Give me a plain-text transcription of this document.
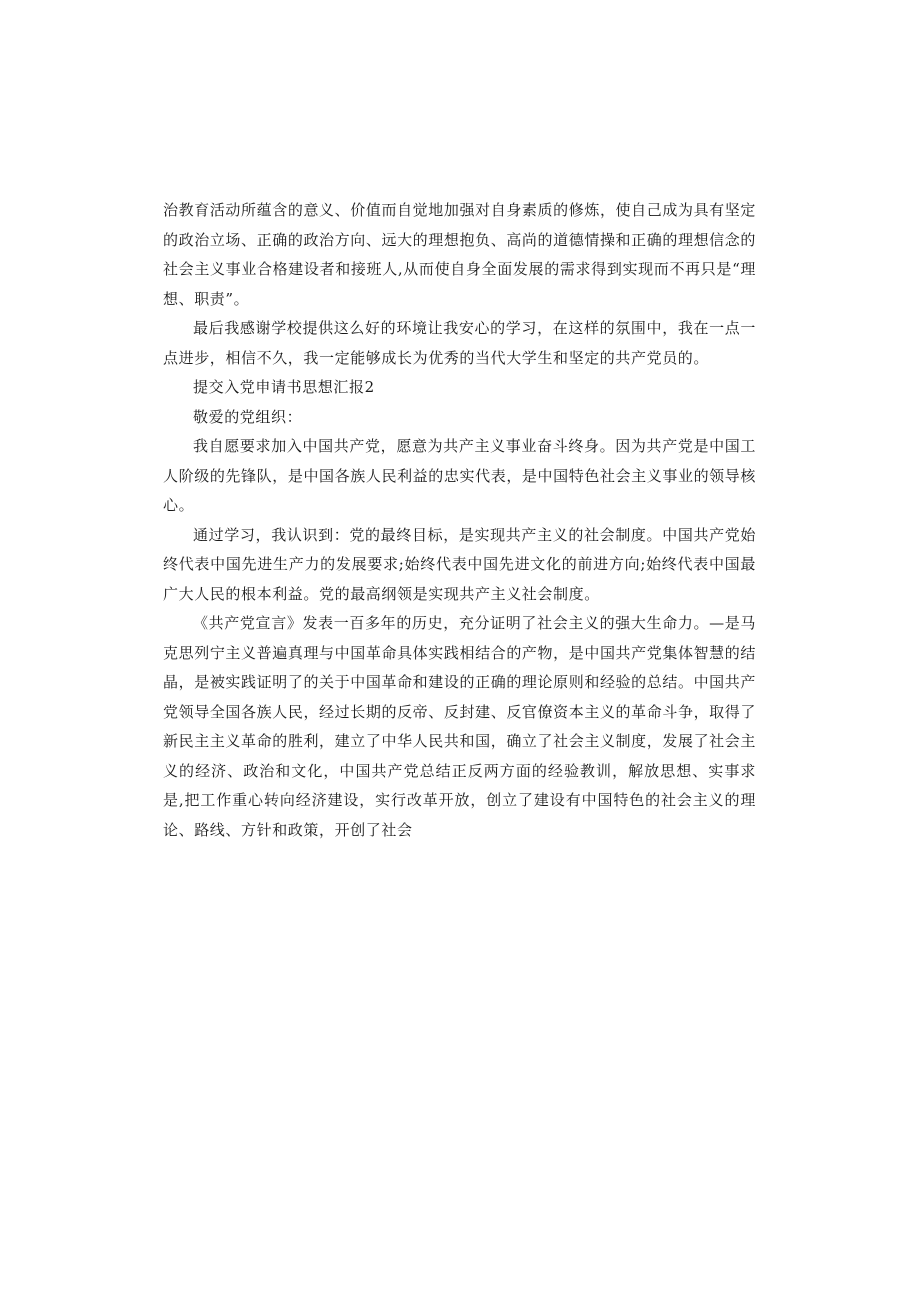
治教育活动所蕴含的意义、价值而自觉地加强对自身素质的修炼，使自己成为具有坚定的政治立场、正确的政治方向、远大的理想抱负、高尚的道德情操和正确的理想信念的社会主义事业合格建设者和接班人,从而使自身全面发展的需求得到实现而不再只是“理想、职责”。

最后我感谢学校提供这么好的环境让我安心的学习，在这样的氛围中，我在一点一点进步，相信不久，我一定能够成长为优秀的当代大学生和坚定的共产党员的。

提交入党申请书思想汇报2

敬爱的党组织：

我自愿要求加入中国共产党，愿意为共产主义事业奋斗终身。因为共产党是中国工人阶级的先锋队，是中国各族人民利益的忠实代表，是中国特色社会主义事业的领导核心。

通过学习，我认识到：党的最终目标，是实现共产主义的社会制度。中国共产党始终代表中国先进生产力的发展要求;始终代表中国先进文化的前进方向;始终代表中国最广大人民的根本利益。党的最高纲领是实现共产主义社会制度。

《共产党宣言》发表一百多年的历史，充分证明了社会主义的强大生命力。—是马克思列宁主义普遍真理与中国革命具体实践相结合的产物，是中国共产党集体智慧的结晶，是被实践证明了的关于中国革命和建设的正确的理论原则和经验的总结。中国共产党领导全国各族人民，经过长期的反帝、反封建、反官僚资本主义的革命斗争，取得了新民主主义革命的胜利，建立了中华人民共和国，确立了社会主义制度，发展了社会主义的经济、政治和文化，中国共产党总结正反两方面的经验教训，解放思想、实事求是,把工作重心转向经济建设，实行改革开放，创立了建设有中国特色的社会主义的理论、路线、方针和政策，开创了社会
